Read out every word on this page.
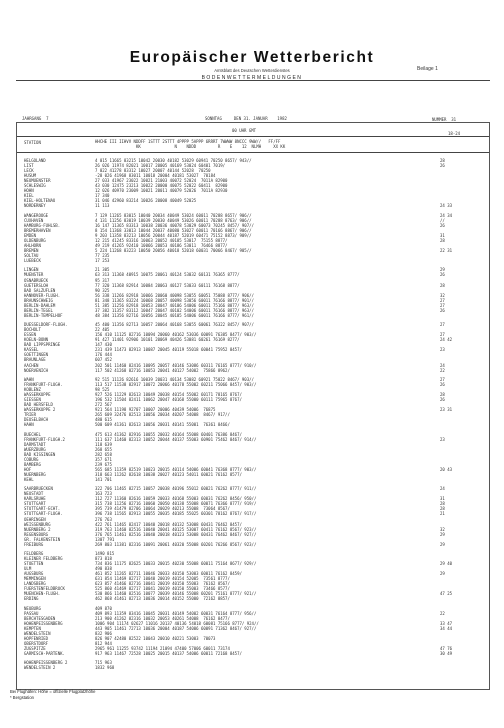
Europäischer Wetterbericht
Amtsblatt des Deutschen Wetterdienstes
BODENWETTERMELDUNGEN
Beilage 1
JAHRGANG  7	SONNTAG     DEN 31. JANUAR    1982	NUMMER  31
00 UHR GMT
18-24
STATION	HHCHE III IIHVV NDDFF 1STTT 2STTT 4PPPP 5APPP 6RRRT 7WWWW 8NCCC 9WW//   FF/FF
KK              N    NDDD         R    E    12  NLMH     XX KK
HELGOLAND	4 015 11665 83215 10042 20030 40182 53029 60941 70250 8657/ 943//	28
LIST	26 026 11974 82021 10017 20005 40169 53024 60401 7019/	26
LECK	7 022 41278 83312 10027 20007 40144 52028  70250
HUSUM	-28 026 41968 83011 10018 20004 40181 53027  70184
NEUMUENSTER	27 033 41967 23022 10021 21003 40072 52024  7011A 82900
SCHLESWIG	43 030 12475 23213 10022 20000 40075 52022 60411  82900
HOHN	12 026 40970 23009 10021 20011 40079 52026  7011A 82930
KIEL	17 340
KIEL-HOLTENAU	31 046 42960 83214 10026 20008 40049 52025
NORDERNEY	11 113	24 33
WANGEROOGE	7 129 11265 83015 10040 20034 40049 53024 60011 70288 8657/ 906//	24 34
CUXHAVEN	4 131 11256 83019 10039 20030 40049 53026 60011 70288 8763/ 906//	//
HAMBURG-FUHLSB.	16 147 11365 83313 10038 20036 40078 53029 60073 70245 8457/ 907//	26
BREMERHAVEN	8 154 11368 33013 10044 20037 40080 53027 60011 70166 8867/ 906//
EMDEN	9 203 11358 83213 10056 20044 40187 52019 60471 75152 8873/ 909//	31
OLDENBURG	12 215 41245 83316 10063 20052 40185 53017  75155 8877/	28
AHLHORN	49 219 41265 92410 10066 20053 40186 53011  76466 8877/
BREMEN	5 224 11268 83223 10050 20056 40018 52018 60031 70066 8467/ 905//	22 31
SOLTAU	77 235
LUEBECK	17 253
LINGEN	21 305	29
MUENSTER	63 313 11368 40915 10075 20061 40124 53032 60131 76365 8777/	26
OSNABRUECK	95 317
GUETERSLOH	77 320 11368 82914 10084 20063 40127 53033 60111 76168 8877/	28
BAD SALZUFLEN	90 325
HANNOVER-FLUGH.	56 338 11266 82918 10066 20060 40098 53055 60051 75088 8777/ 906//	32
BRAUNSCHWEIG	81 348 11365 83224 10068 20057 40098 53056 60011 76166 8877/ 901//	27
BERLIN-DAHLEM	51 385 11256 82918 10053 20047 40106 54006 60011 75166 8877/ 963//	27
BERLIN-TEGEL	37 382 11357 83112 10047 20047 40102 54006 60011 76166 8877/ 963//	26
BERLIN-TEMPELHOF	48 384 11356 82716 10056 20045 40105 54006 60011 76166 8777/ 961//
DUESSELDORF-FLUGH.	45 400 11356 82713 10057 20064 40168 53055 60061 76322 8457/ 907//	27
BOCHOLT	22 405
ESSEN	156 410 11125 82716 10094 20060 40162 53036 60091 76385 8477/ 903//	27
KOELN-BONN	91 427 11401 92906 10101 20069 40426 53081 60261 76169 8277/	24 42
BAD LIPPSPRINGE	147 430
KASSEL	231 439 11473 82913 10087 20045 40119 55018 60041 75952 8457/	23
GOETTINGEN	176 444
BRAUNLAGE	607 452
AACHEN	202 501 11460 82416 10095 20057 40146 53086 60311 76165 8777/ 910//	24
NOERVENICH	117 502 41268 82716 10053 20041 40127 54002  75866 8962/	22
WAHN	92 515 11126 82616 10039 20031 40134 53082 60921 75022 8467/ 903//	27
FRANKFURT-FLUGH.	113 517 11538 82917 10072 20066 40178 55002 60211 75066 8457/ 903//	26
KOBLENZ	98 525
WASSERKUPPE	927 526 11229 82613 10049 20038 40154 55002 60171 78165 8767/	28
GIESSEN	196 532 11504 82411 10062 20047 40168 55000 60111 75965 8767/	26
BAD HERSFELD	272 567
WASSERKUPPE 2	921 564 11198 92707 10007 20006 40439 54006  76875	23 31
TRIER	265 609 32476 82513 10056 20034 40207 54008  8467/ 917//
DEUSELBACH	480 615
HAHN	500 609 41361 82613 10056 20031 40141 55001  76361 8466/
BUECHEL	475 613 41362 82916 10055 20032 40164 55008 60401 76386 8467/
FRANKFURT-FLUGH.2	111 637 11460 82313 10052 20044 40137 55003 60901 75462 8467/ 914//	23
DARMSTADT	118 639
WUERZBURG	268 655
BAD KISSINGEN	282 658
COBURG	357 671
BAMBERG	239 675
HOF	565 685 11359 82519 10023 20015 40114 54006 60041 76368 8777/ 903//	20 43
NUERNBERG	318 663 11262 82618 10038 20027 40123 54011 60021 76162 8577/
KEHL	141 701
SAARBRUECKEN	322 706 11465 82715 10057 20038 40196 55012 60021 76262 8777/ 911//	24
NEUSTADT	163 723
KARLSRUHE	112 727 11360 82616 10059 20033 40168 55003 60031 76262 8456/ 950//	31
STUTTGART	315 738 11256 82716 10060 20050 40138 55008 60071 76366 8777/ 919//	28
STUTTGART-ECHT.	395 739 41479 82706 10064 20029 40213 55008  73064 8567/	28
STUTTGART-FLUGH.	396 738 11565 82913 10055 20035 40185 55025 60301 78162 8767/ 917//	21
OEHRINGEN	276 763
WEISSENBURG	422 761 11465 82417 10040 20018 40132 53008 60431 76462 8457/
NUERNBERG 2	319 763 11460 82516 10040 20041 40125 53007 60411 76162 8567/ 923//	32
REGENSBURG	376 765 11461 82516 10040 20018 40123 53008 60431 76462 8467/ 927//	29
GR. FALKENSTEIN	1307 791
FREIBURG	269 803 11381 82316 10091 20061 40320 55008 60201 76266 8567/ 923//	29
FELDBERG	1490 815
KLEINER FELDBERG	873 818
STOETTEN	734 836 11175 82625 10033 20015 40230 55008 60011 75164 8677/ 929//	29 40
ULM	490 838
AUGSBURG	461 852 11265 82711 10046 20033 40150 53003 60011 76162 8459/	29
MEMMINGEN	631 854 11469 82717 10040 20019 40154 52005  73561 8777/
LANDSBERG	623 857 41466 82716 10041 20019 40150 55003  76162 8567/
FUERSTENFELDBRUCK	525 860 41469 82717 10041 20019 40150 55003  73466 8577/
MUENCHEN-FLUGH.	530 866 11460 82516 10077 20039 40146 55008 60201 75161 8777/ 921//	47 25
ERDING	462 868 41461 82713 10036 20014 40152 55000  72162 8857/
NEUBURG	409 870
PASSAU	409 893 11359 83416 10045 20031 40149 54002 60031 76164 8777/ 956//	22
BERCHTESGADEN	213 900 41262 82316 10032 20053 40261 54008  76162 8477/
HOHENPEISSENBERG	1006 904 11174 02627 11016 20137 40136 54018 60081 75166 8777/ 924//	33 47
KEMPTEN	443 905 11461 72713 10036 20004 40187 54006 60091 71362 8467/ 927//	34 44
WENDELSTEIN	832 906
HOPFENRIED	826 907 42480 82522 10043 20010 40221 53003  70073
OBERSTDORF	812 944
ZUGSPITZE	2965 961 11255 93742 11194 21094 47400 57006 60011 73174	47 76
GARMISCH-PARTENK.	917 963 11467 72528 10025 20015 40137 54006 60011 72168 8457/	30 49
HOHENPEISSENBERG 2	715 963
WENDELSTEIN 2	1832 968
Bei Flughäfen: Höhe = offizielle Flugplatzhöhe
* Bergstation
